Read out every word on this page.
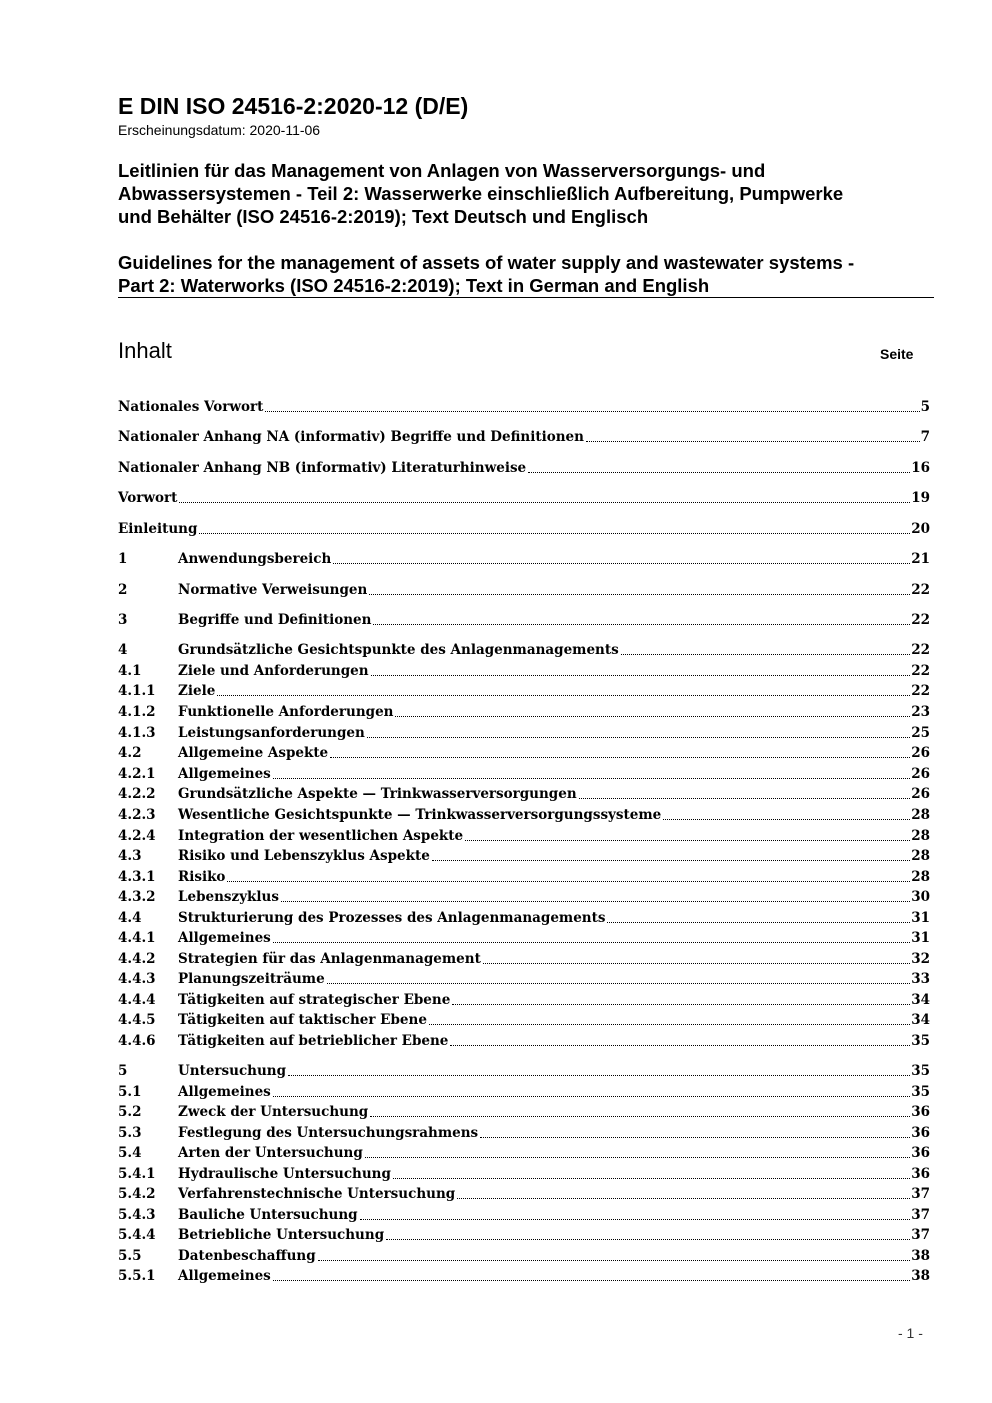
E DIN ISO 24516-2:2020-12 (D/E)
Erscheinungsdatum: 2020-11-06
Leitlinien für das Management von Anlagen von Wasserversorgungs- und
Abwassersystemen - Teil 2: Wasserwerke einschließlich Aufbereitung, Pumpwerke
und Behälter (ISO 24516-2:2019); Text Deutsch und Englisch
Guidelines for the management of assets of water supply and wastewater systems -
Part 2: Waterworks (ISO 24516-2:2019); Text in German and English
Inhalt	Seite
Nationales Vorwort	5
Nationaler Anhang NA (informativ) Begriffe und Definitionen	7
Nationaler Anhang NB (informativ) Literaturhinweise	16
Vorwort	19
Einleitung	20
1	Anwendungsbereich	21
2	Normative Verweisungen	22
3	Begriffe und Definitionen	22
4	Grundsätzliche Gesichtspunkte des Anlagenmanagements	22
4.1	Ziele und Anforderungen	22
4.1.1	Ziele	22
4.1.2	Funktionelle Anforderungen	23
4.1.3	Leistungsanforderungen	25
4.2	Allgemeine Aspekte	26
4.2.1	Allgemeines	26
4.2.2	Grundsätzliche Aspekte — Trinkwasserversorgungen	26
4.2.3	Wesentliche Gesichtspunkte — Trinkwasserversorgungssysteme	28
4.2.4	Integration der wesentlichen Aspekte	28
4.3	Risiko und Lebenszyklus Aspekte	28
4.3.1	Risiko	28
4.3.2	Lebenszyklus	30
4.4	Strukturierung des Prozesses des Anlagenmanagements	31
4.4.1	Allgemeines	31
4.4.2	Strategien für das Anlagenmanagement	32
4.4.3	Planungszeiträume	33
4.4.4	Tätigkeiten auf strategischer Ebene	34
4.4.5	Tätigkeiten auf taktischer Ebene	34
4.4.6	Tätigkeiten auf betrieblicher Ebene	35
5	Untersuchung	35
5.1	Allgemeines	35
5.2	Zweck der Untersuchung	36
5.3	Festlegung des Untersuchungsrahmens	36
5.4	Arten der Untersuchung	36
5.4.1	Hydraulische Untersuchung	36
5.4.2	Verfahrenstechnische Untersuchung	37
5.4.3	Bauliche Untersuchung	37
5.4.4	Betriebliche Untersuchung	37
5.5	Datenbeschaffung	38
5.5.1	Allgemeines	38
- 1 -
